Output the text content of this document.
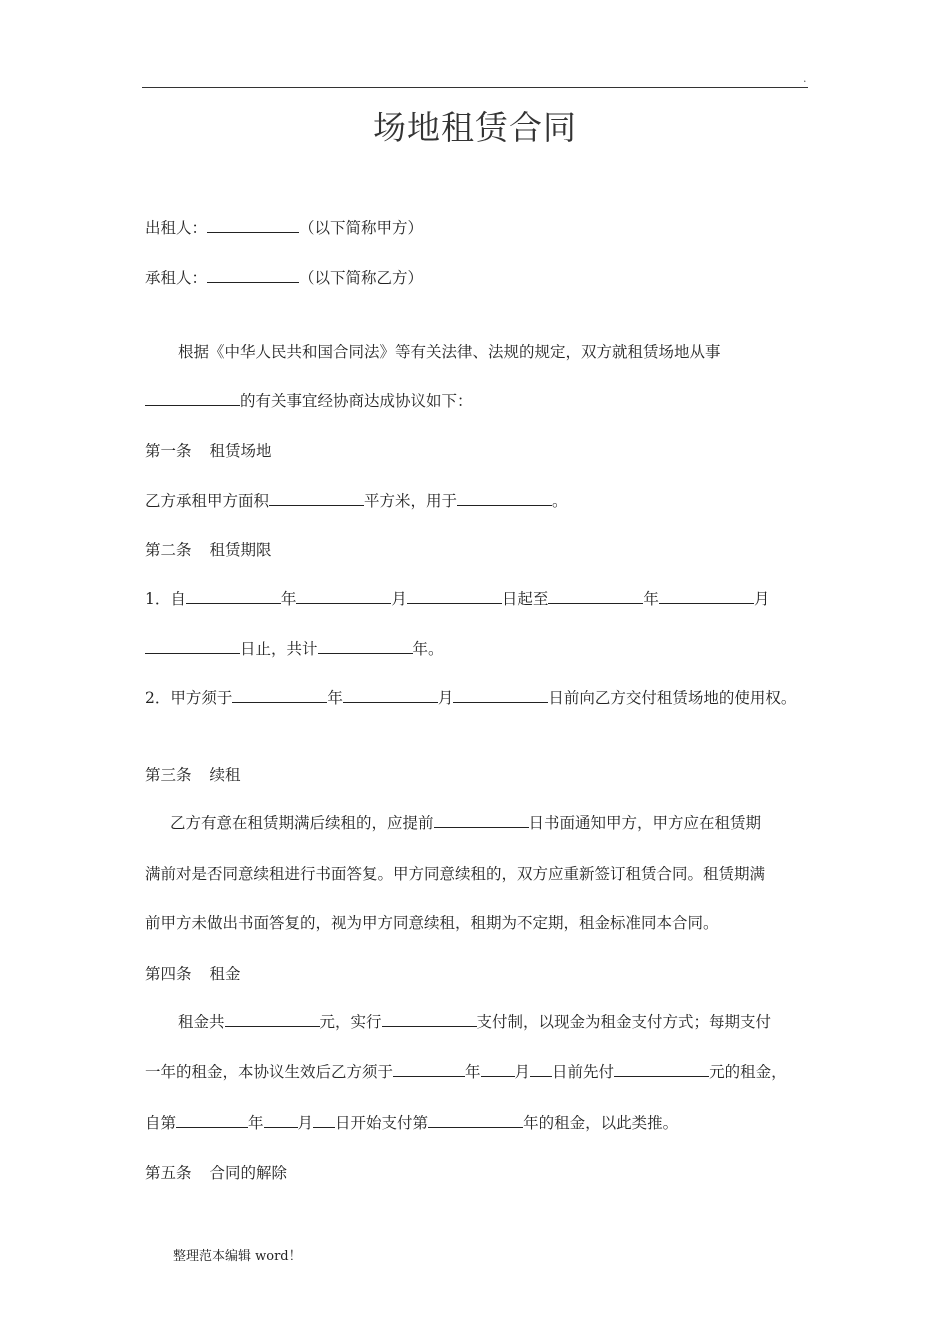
.
场地租赁合同
出租人：	（以下简称甲方）
承租人：	（以下简称乙方）
根据《中华人民共和国合同法》等有关法律、法规的规定，双方就租赁场地从事
的有关事宜经协商达成协议如下：
第一条 租赁场地
乙方承租甲方面积	平方米，用于	。
第二条 租赁期限
1．自	年	月	日起至	年	月
日止，共计	年。
2．甲方须于	年	月	日前向乙方交付租赁场地的使用权。
第三条 续租
乙方有意在租赁期满后续租的，应提前	日书面通知甲方，甲方应在租赁期
满前对是否同意续租进行书面答复。甲方同意续租的，双方应重新签订租赁合同。租赁期满
前甲方未做出书面答复的，视为甲方同意续租，租期为不定期，租金标准同本合同。
第四条 租金
租金共	元，实行	支付制，以现金为租金支付方式；每期支付
一年的租金，本协议生效后乙方须于	年 月 日前先付	元的租金，
自第	年 月 日开始支付第	年的租金，以此类推。
第五条 合同的解除
整理范本编辑 word！
